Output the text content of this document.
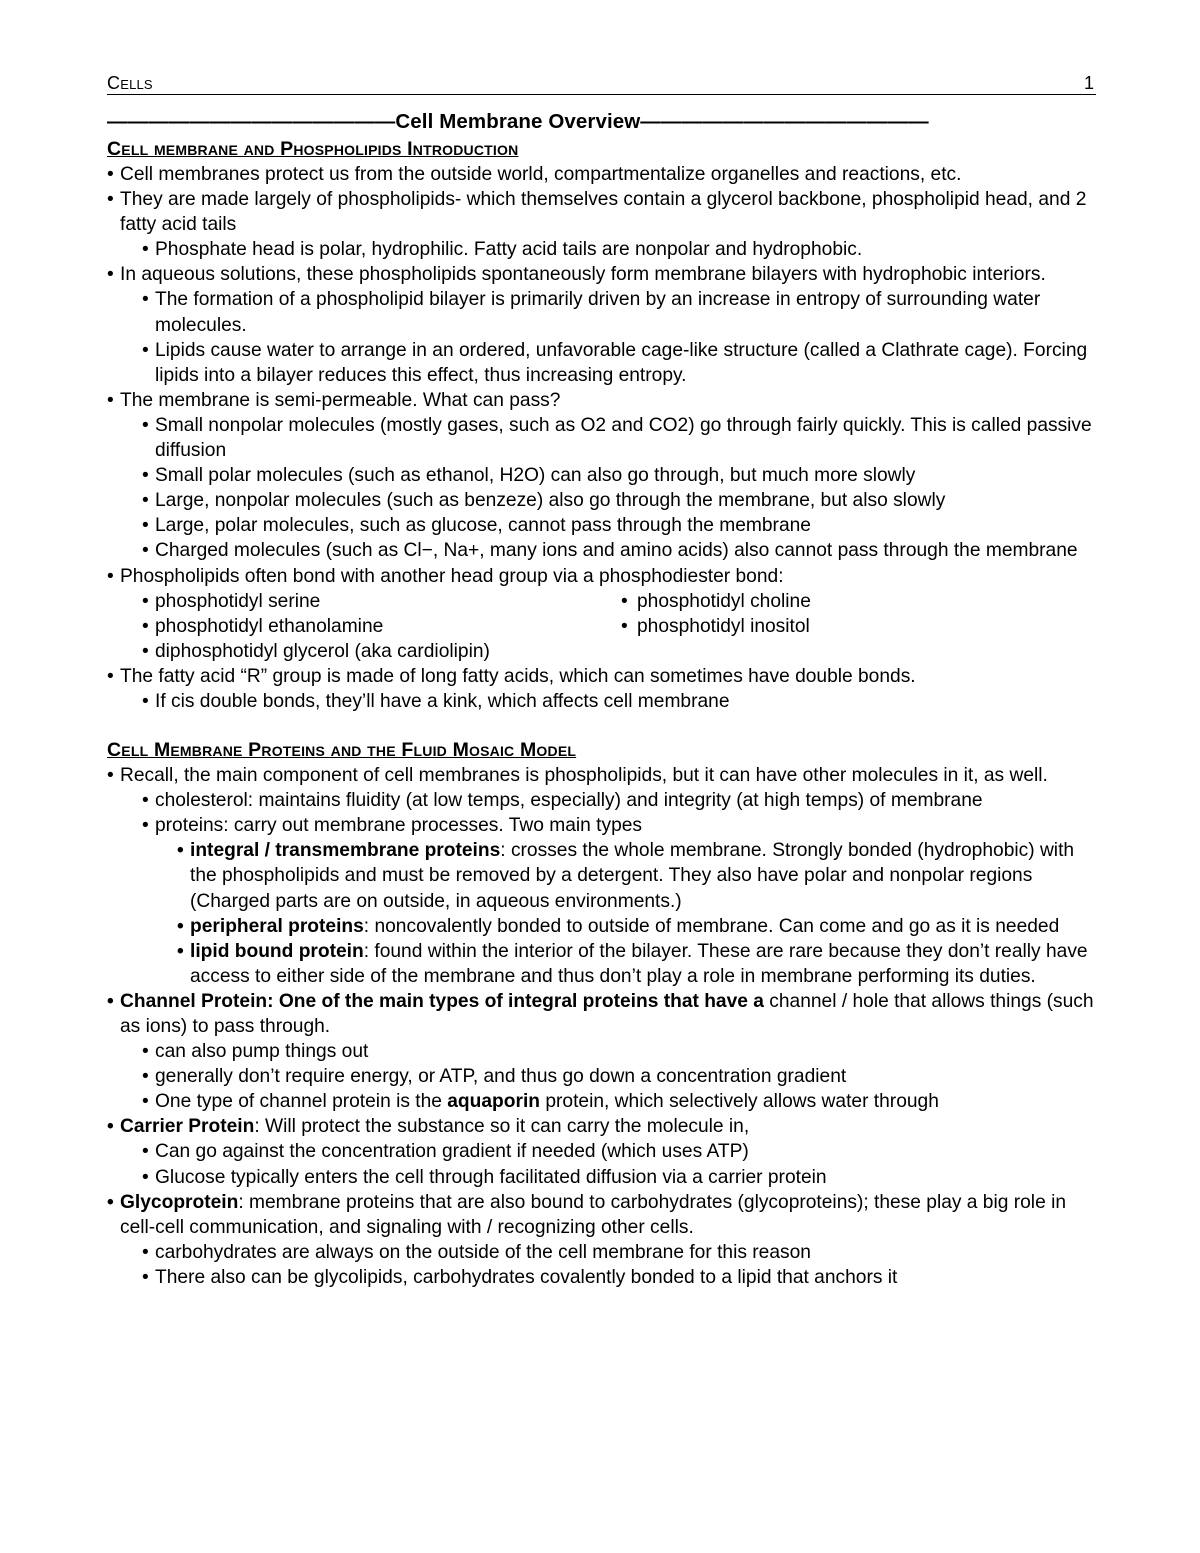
Cells	1
——————————————Cell Membrane Overview——————————————
Cell membrane and Phospholipids Introduction
• Cell membranes protect us from the outside world, compartmentalize organelles and reactions, etc.
• They are made largely of phospholipids- which themselves contain a glycerol backbone, phospholipid head, and 2 fatty acid tails
• Phosphate head is polar, hydrophilic. Fatty acid tails are nonpolar and hydrophobic.
• In aqueous solutions, these phospholipids spontaneously form membrane bilayers with hydrophobic interiors.
• The formation of a phospholipid bilayer is primarily driven by an increase in entropy of surrounding water molecules.
• Lipids cause water to arrange in an ordered, unfavorable cage-like structure (called a Clathrate cage). Forcing lipids into a bilayer reduces this effect, thus increasing entropy.
• The membrane is semi-permeable. What can pass?
• Small nonpolar molecules (mostly gases, such as O2 and CO2) go through fairly quickly. This is called passive diffusion
• Small polar molecules (such as ethanol, H2O) can also go through, but much more slowly
• Large, nonpolar molecules (such as benzeze) also go through the membrane, but also slowly
• Large, polar molecules, such as glucose, cannot pass through the membrane
• Charged molecules (such as Cl−, Na+, many ions and amino acids) also cannot pass through the membrane
• Phospholipids often bond with another head group via a phosphodiester bond:
• phosphotidyl serine	• phosphotidyl choline
• phosphotidyl ethanolamine	• phosphotidyl inositol
• diphosphotidyl glycerol (aka cardiolipin)
• The fatty acid “R” group is made of long fatty acids, which can sometimes have double bonds.
• If cis double bonds, they’ll have a kink, which affects cell membrane
Cell Membrane Proteins and the Fluid Mosaic Model
• Recall, the main component of cell membranes is phospholipids, but it can have other molecules in it, as well.
• cholesterol: maintains fluidity (at low temps, especially) and integrity (at high temps) of membrane
• proteins: carry out membrane processes. Two main types
• integral / transmembrane proteins: crosses the whole membrane. Strongly bonded (hydrophobic) with the phospholipids and must be removed by a detergent. They also have polar and nonpolar regions (Charged parts are on outside, in aqueous environments.)
• peripheral proteins: noncovalently bonded to outside of membrane. Can come and go as it is needed
• lipid bound protein: found within the interior of the bilayer. These are rare because they don’t really have access to either side of the membrane and thus don’t play a role in membrane performing its duties.
• Channel Protein: One of the main types of integral proteins that have a channel / hole that allows things (such as ions) to pass through.
• can also pump things out
• generally don’t require energy, or ATP, and thus go down a concentration gradient
• One type of channel protein is the aquaporin protein, which selectively allows water through
• Carrier Protein: Will protect the substance so it can carry the molecule in,
• Can go against the concentration gradient if needed (which uses ATP)
• Glucose typically enters the cell through facilitated diffusion via a carrier protein
• Glycoprotein: membrane proteins that are also bound to carbohydrates (glycoproteins); these play a big role in cell-cell communication, and signaling with / recognizing other cells.
• carbohydrates are always on the outside of the cell membrane for this reason
• There also can be glycolipids, carbohydrates covalently bonded to a lipid that anchors it
